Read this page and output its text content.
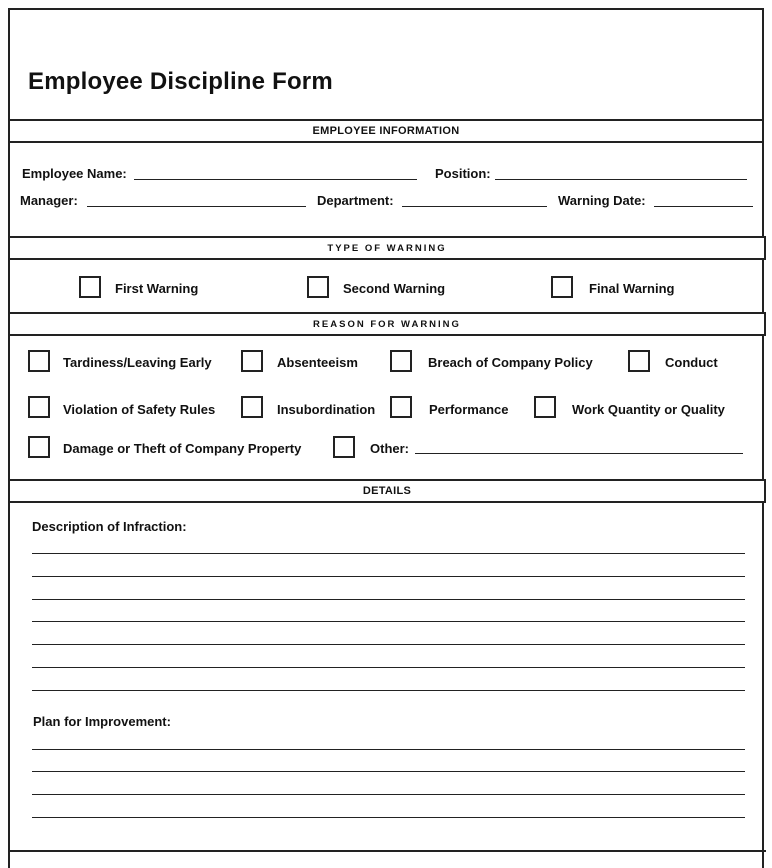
Employee Discipline Form
EMPLOYEE INFORMATION
Employee Name:	Position:
Manager:	Department:	Warning Date:
TYPE OF WARNING
First Warning	Second Warning	Final Warning
REASON FOR WARNING
Tardiness/Leaving Early	Absenteeism	Breach of Company Policy	Conduct
Violation of Safety Rules	Insubordination	Performance	Work Quantity or Quality
Damage or Theft of Company Property	Other:
DETAILS
Description of Infraction:
Plan for Improvement:
